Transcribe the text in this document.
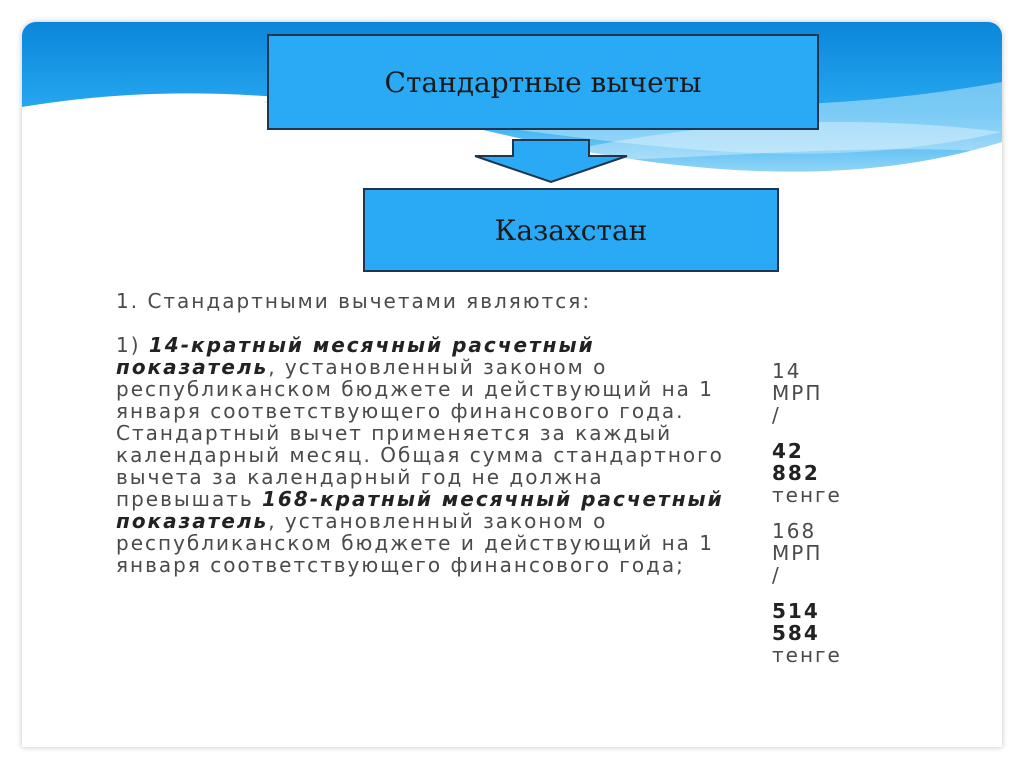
Стандартные вычеты
Казахстан

1. Стандартными вычетами являются:

1) 14-кратный месячный расчетный показатель, установленный законом о республиканском бюджете и действующий на 1 января соответствующего финансового года. Стандартный вычет применяется за каждый календарный месяц. Общая сумма стандартного вычета за календарный год не должна превышать 168-кратный месячный расчетный показатель, установленный законом о республиканском бюджете и действующий на 1 января соответствующего финансового года;

14
МРП
/
42
882
тенге
168
МРП
/
514
584
тенге
